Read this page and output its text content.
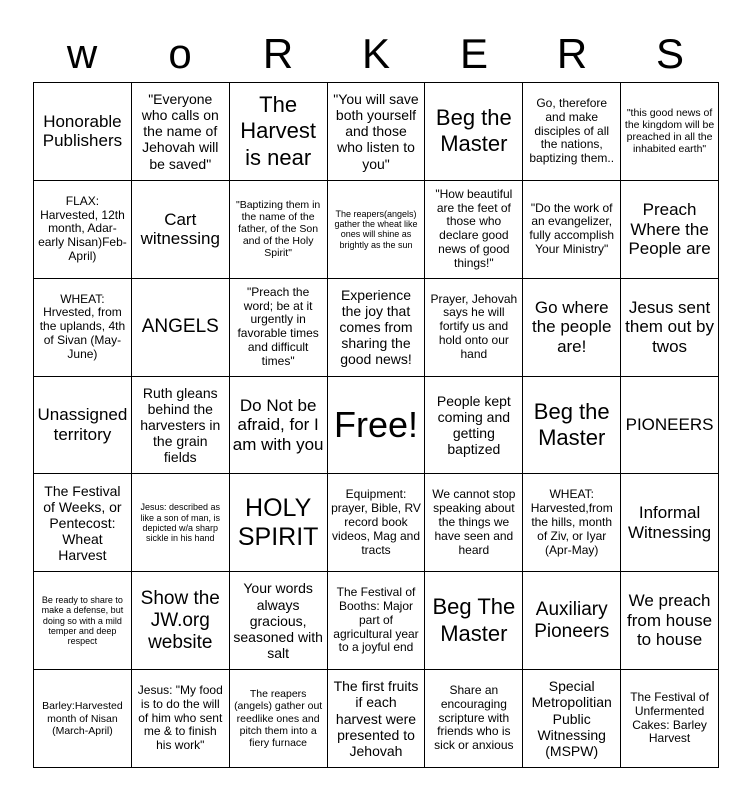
w	o	R	K	E	R	S
Honorable Publishers
"Everyone who calls on the name of Jehovah will be saved"
The Harvest is near
"You will save both yourself and those who listen to you"
Beg the Master
Go, therefore and make disciples of all the nations, baptizing them..
"this good news of the kingdom will be preached in all the inhabited earth"
FLAX: Harvested, 12th month, Adar-early Nisan)Feb-April)
Cart witnessing
"Baptizing them in the name of the father, of the Son and of the Holy Spirit"
The reapers(angels) gather the wheat like ones will shine as brightly as the sun
"How beautiful are the feet of those who declare good news of good things!"
"Do the work of an evangelizer, fully accomplish Your Ministry"
Preach Where the People are
WHEAT: Hrvested, from the uplands, 4th of Sivan (May-June)
ANGELS
"Preach the word; be at it urgently in favorable times and difficult times"
Experience the joy that comes from sharing the good news!
Prayer, Jehovah says he will fortify us and hold onto our hand
Go where the people are!
Jesus sent them out by twos
Unassigned territory
Ruth gleans behind the harvesters in the grain fields
Do Not be afraid, for I am with you Free!
People kept coming and getting baptized
Beg the Master
PIONEERS
The Festival of Weeks, or Pentecost: Wheat Harvest
Jesus: described as like a son of man, is depicted w/a sharp sickle in his hand
HOLY SPIRIT
Equipment: prayer, Bible, RV record book videos, Mag and tracts
We cannot stop speaking about the things we have seen and heard
WHEAT: Harvested,from the hills, month of Ziv, or Iyar (Apr-May)
Informal Witnessing
Be ready to share to make a defense, but doing so with a mild temper and deep respect
Show the JW.org website
Your words always gracious, seasoned with salt
The Festival of Booths: Major part of agricultural year to a joyful end
Beg The Master
Auxiliary Pioneers
We preach from house to house
Barley:Harvested month of Nisan (March-April)
Jesus: "My food is to do the will of him who sent me & to finish his work"
The reapers (angels) gather out reedlike ones and pitch them into a fiery furnace
The first fruits if each harvest were presented to Jehovah
Share an encouraging scripture with friends who is sick or anxious
Special Metropolitian Public Witnessing (MSPW)
The Festival of Unfermented Cakes: Barley Harvest
